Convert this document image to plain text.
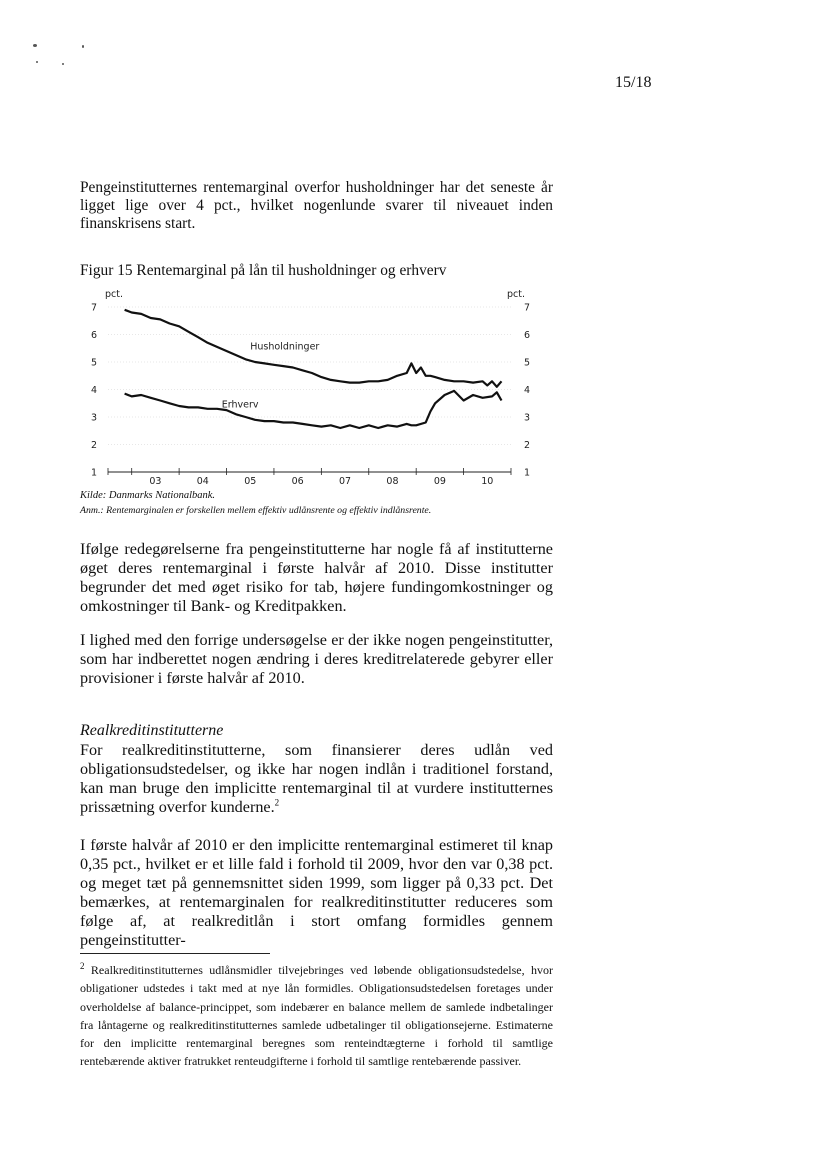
15/18

Pengeinstitutternes rentemarginal overfor husholdninger har det seneste år ligget lige over 4 pct., hvilket nogenlunde svarer til niveauet inden finanskrisens start.

Figur 15 Rentemarginal på lån til husholdninger og erhverv
1	1
2	2
3	3
4	4
5	5
6	6
7	7
pct.	pct.
03	04	05	06	07	08	09	10
Husholdninger
Erhverv
Kilde: Danmarks Nationalbank.
Anm.: Rentemarginalen er forskellen mellem effektiv udlånsrente og effektiv indlånsrente.

Ifølge redegørelserne fra pengeinstitutterne har nogle få af institutterne øget deres rentemarginal i første halvår af 2010. Disse institutter begrunder det med øget risiko for tab, højere fundingomkostninger og omkostninger til Bank- og Kreditpakken.

I lighed med den forrige undersøgelse er der ikke nogen pengeinstitutter, som har indberettet nogen ændring i deres kreditrelaterede gebyrer eller provisioner i første halvår af 2010.

Realkreditinstitutterne

For realkreditinstitutterne, som finansierer deres udlån ved obligationsudstedelser, og ikke har nogen indlån i traditionel forstand, kan man bruge den implicitte rentemarginal til at vurdere institutternes prissætning overfor kunderne.$^2$

I første halvår af 2010 er den implicitte rentemarginal estimeret til knap 0,35 pct., hvilket er et lille fald i forhold til 2009, hvor den var 0,38 pct. og meget tæt på gennemsnittet siden 1999, som ligger på 0,33 pct. Det bemærkes, at rentemarginalen for realkreditinstitutter reduceres som følge af, at realkreditlån i stort omfang formidles gennem pengeinstitutter-

$^2$ Realkreditinstitutternes udlånsmidler tilvejebringes ved løbende obligationsudstedelse, hvor obligationer udstedes i takt med at nye lån formidles. Obligationsudstedelsen foretages under overholdelse af balance-princippet, som indebærer en balance mellem de samlede indbetalinger fra låntagerne og realkreditinstitutternes samlede udbetalinger til obligationsejerne. Estimaterne for den implicitte rentemarginal beregnes som renteindtægterne i forhold til samtlige rentebærende aktiver fratrukket renteudgifterne i forhold til samtlige rentebærende passiver.
